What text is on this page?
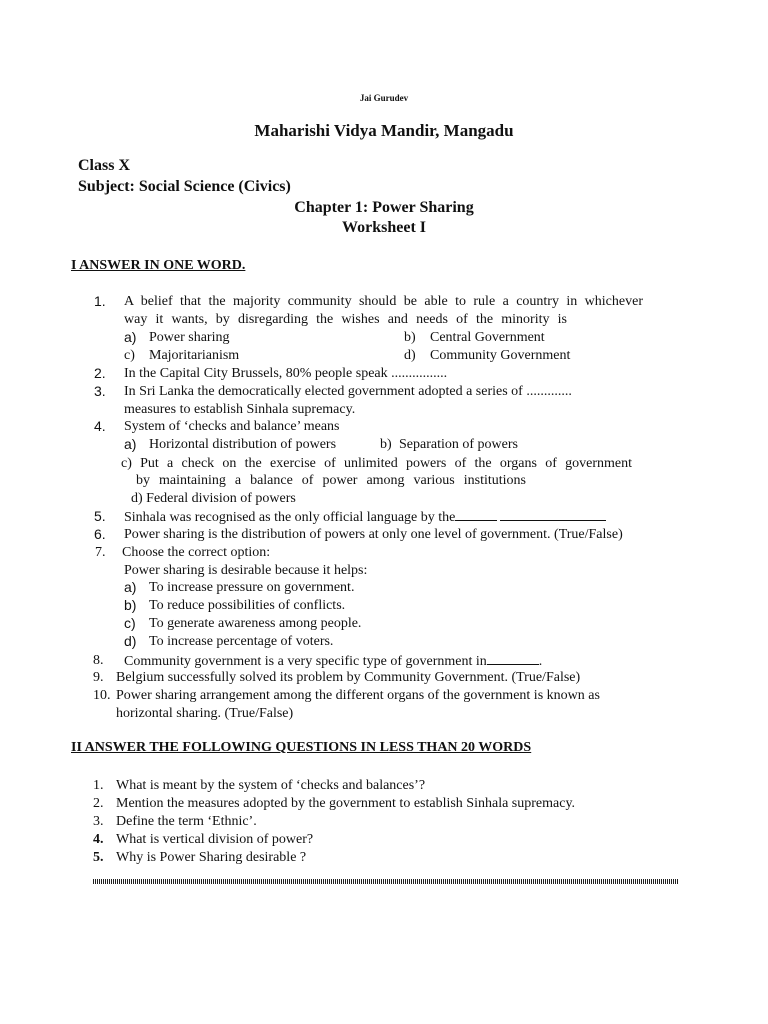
Jai Gurudev
Maharishi Vidya Mandir, Mangadu
Class X
Subject: Social Science (Civics)
Chapter 1: Power Sharing
Worksheet I
I ANSWER IN ONE WORD.
1. A belief that the majority community should be able to rule a country in whichever
way it wants, by disregarding the wishes and needs of the minority is
a) Power sharing	b) Central Government
c) Majoritarianism	d) Community Government
2. In the Capital City Brussels, 80% people speak ................
3. In Sri Lanka the democratically elected government adopted a series of .............
measures to establish Sinhala supremacy.
4. System of ‘checks and balance’ means
a) Horizontal distribution of powers	b) Separation of powers
c) Put a check on the exercise of unlimited powers of the organs of government
by maintaining a balance of power among various institutions
d) Federal division of powers
5. Sinhala was recognised as the only official language by the
6. Power sharing is the distribution of powers at only one level of government. (True/False)
7. Choose the correct option:
Power sharing is desirable because it helps:
a) To increase pressure on government.
b) To reduce possibilities of conflicts.
c) To generate awareness among people.
d) To increase percentage of voters.
8. Community government is a very specific type of government in	.
9. Belgium successfully solved its problem by Community Government. (True/False)
10. Power sharing arrangement among the different organs of the government is known as
horizontal sharing. (True/False)
II ANSWER THE FOLLOWING QUESTIONS IN LESS THAN 20 WORDS
1. What is meant by the system of ‘checks and balances’?
2. Mention the measures adopted by the government to establish Sinhala supremacy.
3. Define the term ‘Ethnic’.
4. What is vertical division of power?
5. Why is Power Sharing desirable ?
